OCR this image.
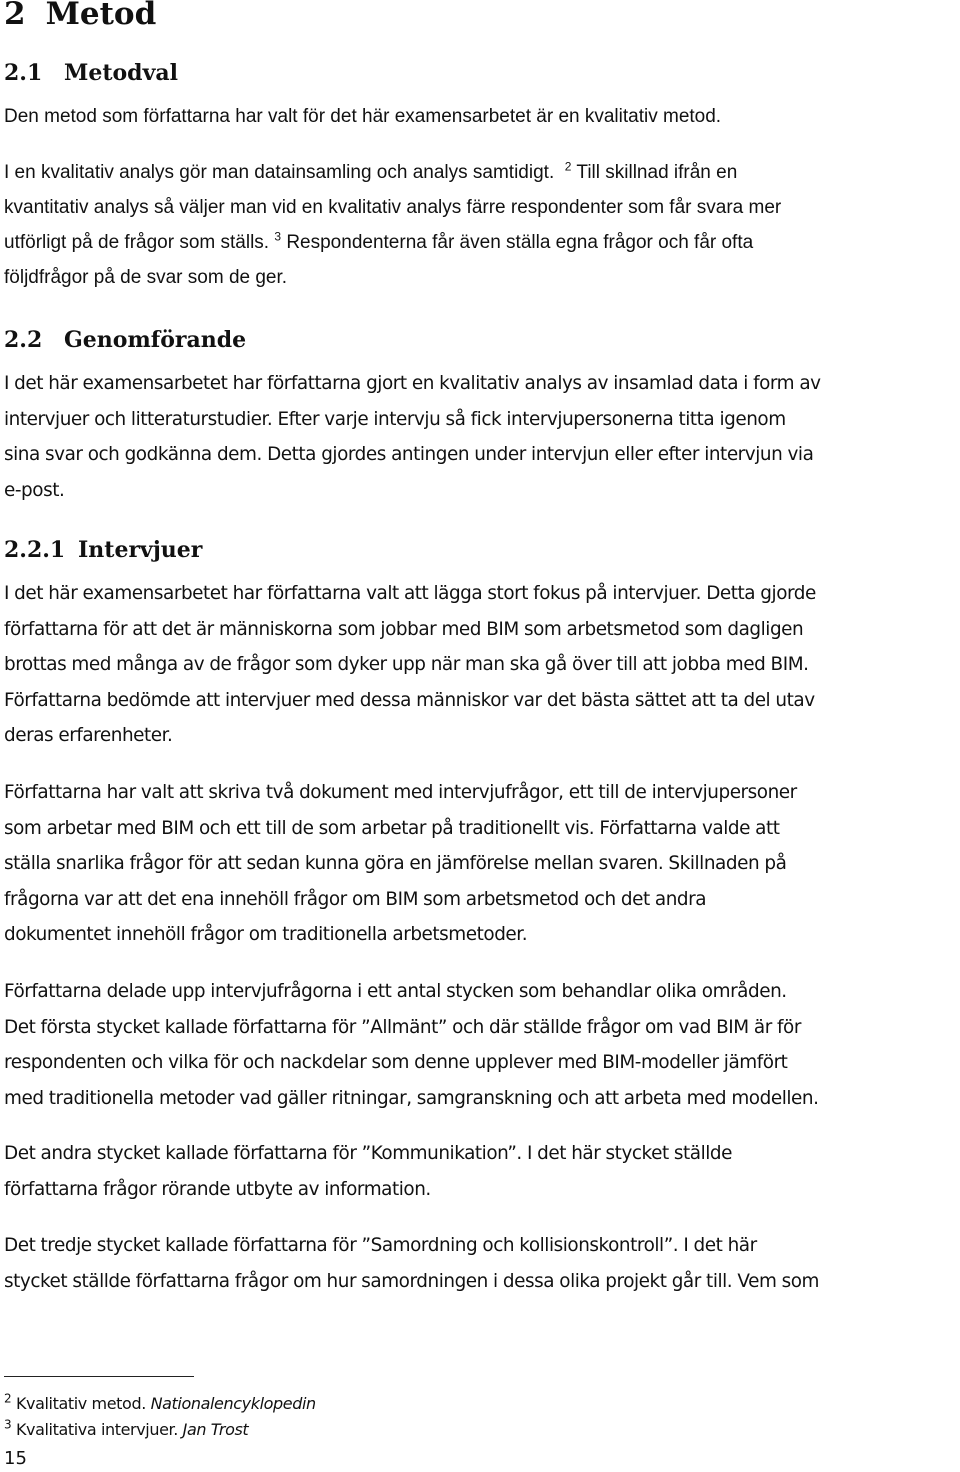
2 Metod
2.1 Metodval

Den metod som författarna har valt för det här examensarbetet är en kvalitativ metod.

I en kvalitativ analys gör man datainsamling och analys samtidigt. $^2$ Till skillnad ifrån en
kvantitativ analys så väljer man vid en kvalitativ analys färre respondenter som får svara mer
utförligt på de frågor som ställs. $^3$ Respondenterna får även ställa egna frågor och får ofta
följdfrågor på de svar som de ger.

2.2 Genomförande

I det här examensarbetet har författarna gjort en kvalitativ analys av insamlad data i form av
intervjuer och litteraturstudier. Efter varje intervju så fick intervjupersonerna titta igenom
sina svar och godkänna dem. Detta gjordes antingen under intervjun eller efter intervjun via
e-post.

2.2.1 Intervjuer

I det här examensarbetet har författarna valt att lägga stort fokus på intervjuer. Detta gjorde
författarna för att det är människorna som jobbar med BIM som arbetsmetod som dagligen
brottas med många av de frågor som dyker upp när man ska gå över till att jobba med BIM.
Författarna bedömde att intervjuer med dessa människor var det bästa sättet att ta del utav
deras erfarenheter.

Författarna har valt att skriva två dokument med intervjufrågor, ett till de intervjupersoner
som arbetar med BIM och ett till de som arbetar på traditionellt vis. Författarna valde att
ställa snarlika frågor för att sedan kunna göra en jämförelse mellan svaren. Skillnaden på
frågorna var att det ena innehöll frågor om BIM som arbetsmetod och det andra
dokumentet innehöll frågor om traditionella arbetsmetoder.

Författarna delade upp intervjufrågorna i ett antal stycken som behandlar olika områden.
Det första stycket kallade författarna för ”Allmänt” och där ställde frågor om vad BIM är för
respondenten och vilka för och nackdelar som denne upplever med BIM-modeller jämfört
med traditionella metoder vad gäller ritningar, samgranskning och att arbeta med modellen.

Det andra stycket kallade författarna för ”Kommunikation”. I det här stycket ställde
författarna frågor rörande utbyte av information.

Det tredje stycket kallade författarna för ”Samordning och kollisionskontroll”. I det här
stycket ställde författarna frågor om hur samordningen i dessa olika projekt går till. Vem som

$^2$ Kvalitativ metod. Nationalencyklopedin

$^3$ Kvalitativa intervjuer. Jan Trost

15
